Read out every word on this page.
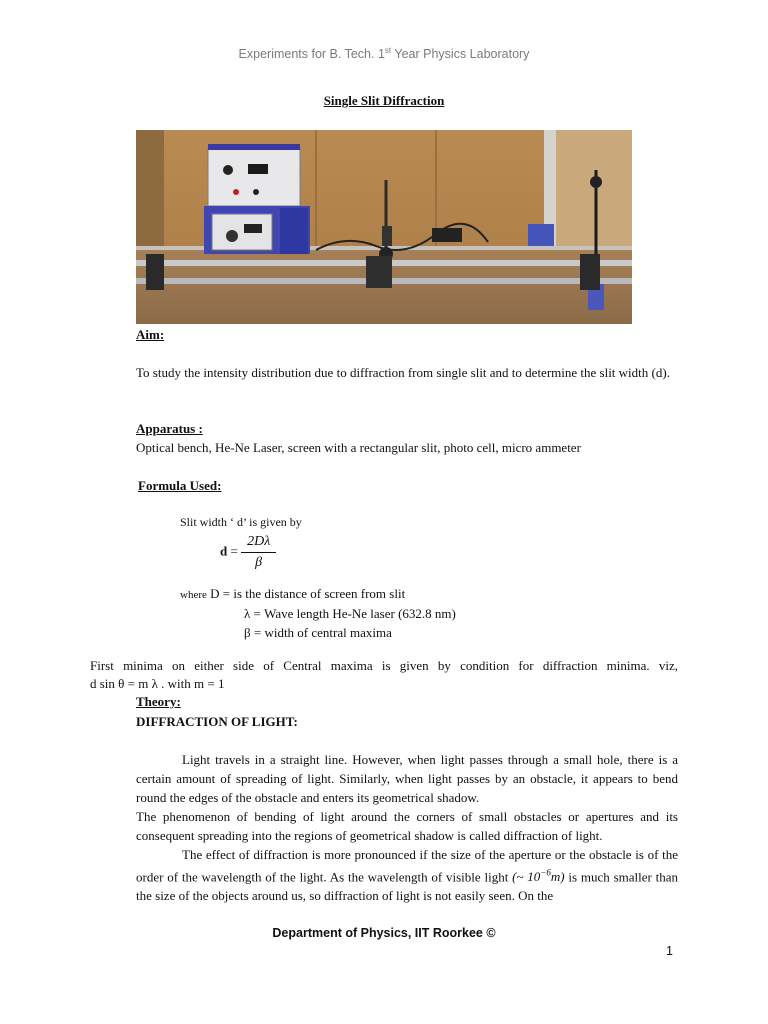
Experiments for B. Tech. 1st Year Physics Laboratory
Single Slit Diffraction
Aim:
To study the intensity distribution due to diffraction from single slit and to determine the slit width (d).
Apparatus :
Optical bench, He-Ne Laser, screen with a rectangular slit, photo cell, micro ammeter
Formula Used:
Slit width ‘ d’ is given by
$d = \frac{2D\lambda}{\beta}$
where D = is the distance of screen from slit
λ = Wave length He-Ne laser (632.8 nm)
β = width of central maxima
First minima on either side of Central maxima is given by condition for diffraction minima. viz,
d sin θ = m λ . with m = 1
Theory:
DIFFRACTION OF LIGHT:
Light travels in a straight line. However, when light passes through a small hole, there is a certain amount of spreading of light. Similarly, when light passes by an obstacle, it appears to bend round the edges of the obstacle and enters its geometrical shadow.
The phenomenon of bending of light around the corners of small obstacles or apertures and its consequent spreading into the regions of geometrical shadow is called diffraction of light.
The effect of diffraction is more pronounced if the size of the aperture or the obstacle is of the order of the wavelength of the light. As the wavelength of visible light (~ $10^{-6}m$) is much smaller than the size of the objects around us, so diffraction of light is not easily seen. On the
Department of Physics, IIT Roorkee ©
1
